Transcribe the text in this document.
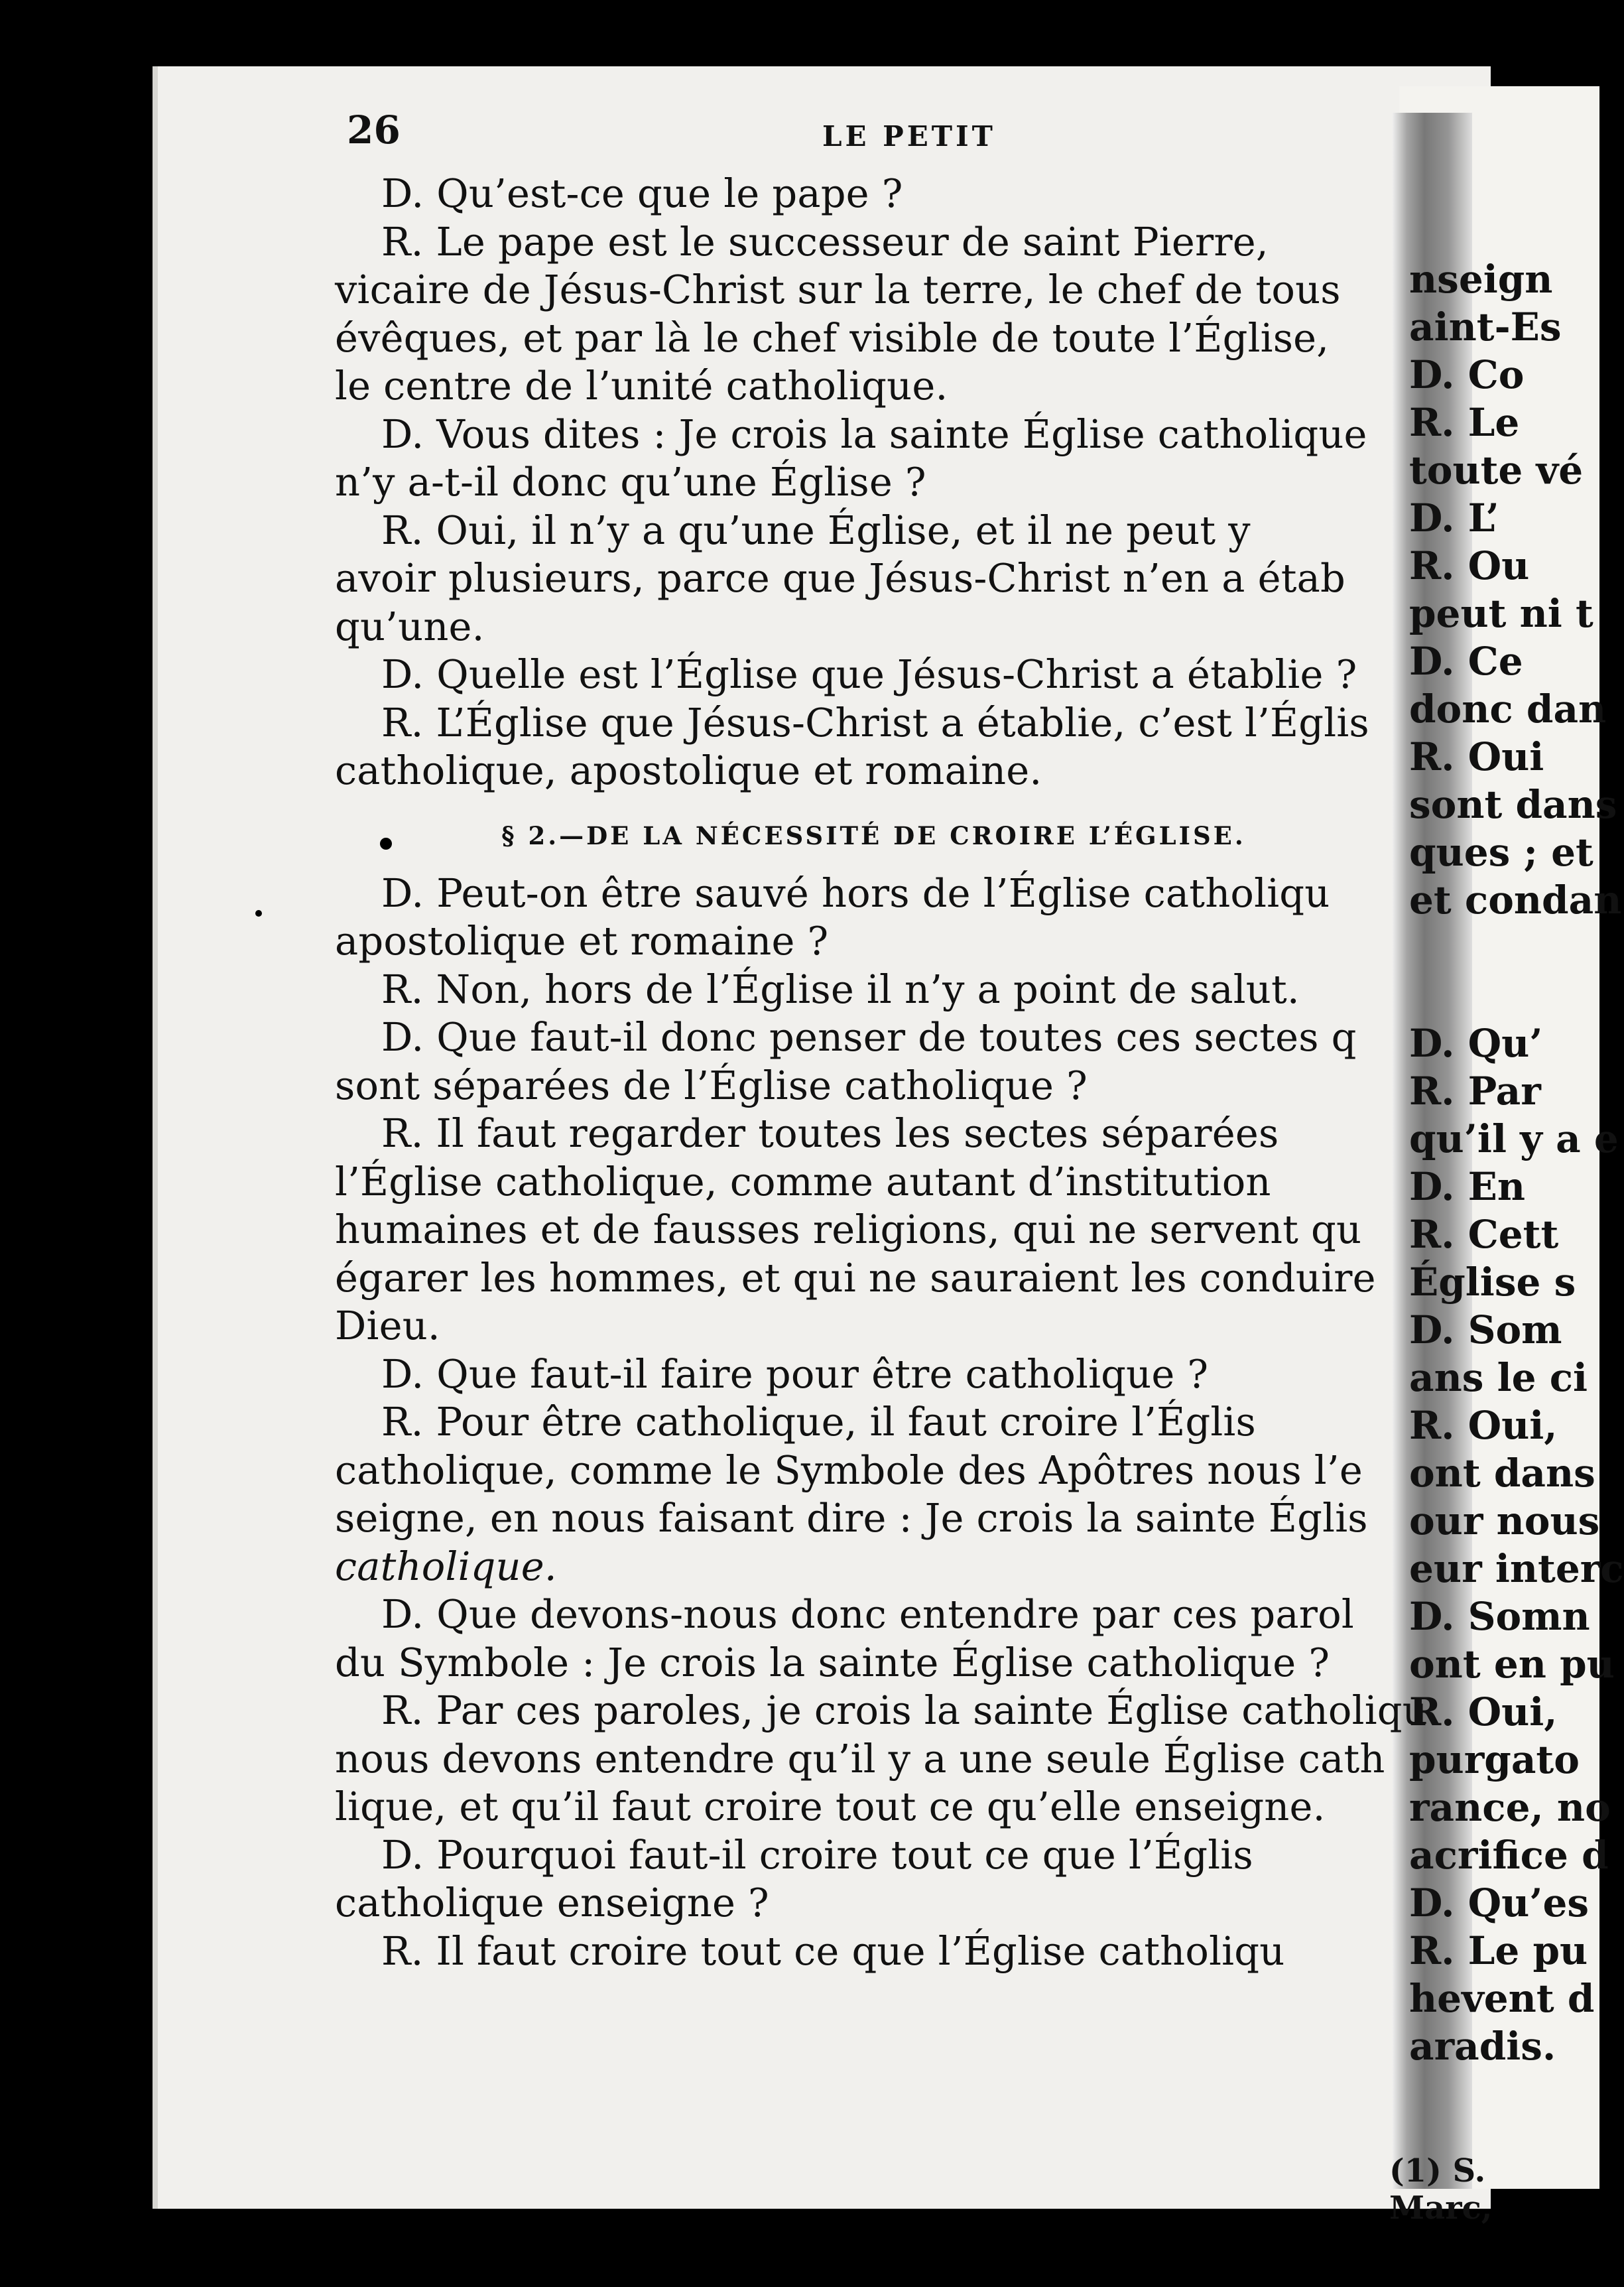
26	LE PETIT
D. Qu’est-ce que le pape ?
R. Le pape est le successeur de saint Pierre,
vicaire de Jésus-Christ sur la terre, le chef de tous
évêques, et par là le chef visible de toute l’Église,
le centre de l’unité catholique.
D. Vous dites : Je crois la sainte Église catholique
n’y a-t-il donc qu’une Église ?
R. Oui, il n’y a qu’une Église, et il ne peut y
avoir plusieurs, parce que Jésus-Christ n’en a étab
qu’une.
D. Quelle est l’Église que Jésus-Christ a établie ?
R. L’Église que Jésus-Christ a établie, c’est l’Églis
catholique, apostolique et romaine.
§ 2.—DE LA NÉCESSITÉ DE CROIRE L’ÉGLISE.
D. Peut-on être sauvé hors de l’Église catholiqu
apostolique et romaine ?
R. Non, hors de l’Église il n’y a point de salut.
D. Que faut-il donc penser de toutes ces sectes q
sont séparées de l’Église catholique ?
R. Il faut regarder toutes les sectes séparées
l’Église catholique, comme autant d’institution
humaines et de fausses religions, qui ne servent qu
égarer les hommes, et qui ne sauraient les conduire
Dieu.
D. Que faut-il faire pour être catholique ?
R. Pour être catholique, il faut croire l’Églis
catholique, comme le Symbole des Apôtres nous l’e
seigne, en nous faisant dire : Je crois la sainte Églis
catholique.
D. Que devons-nous donc entendre par ces parol
du Symbole : Je crois la sainte Église catholique ?
R. Par ces paroles, je crois la sainte Église catholiqu
nous devons entendre qu’il y a une seule Église cath
lique, et qu’il faut croire tout ce qu’elle enseigne.
D. Pourquoi faut-il croire tout ce que l’Églis
catholique enseigne ?
R. Il faut croire tout ce que l’Église catholiqu
nseign
aint-Es
D. Co
R. Le
toute vé
D. L’
R. Ou
peut ni t
D. Ce
donc dan
R. Oui
sont dans
ques ; et
et condan
D. Qu’
R. Par
qu’il y a e
D. En
R. Cett
Église s
D. Som
ans le ci
R. Oui,
ont dans
our nous
eur interc
D. Somn
ont en pu
R. Oui,
purgato
rance, no
acrifice d
D. Qu’es
R. Le pu
hevent d
aradis.
(1) S. Marc,
